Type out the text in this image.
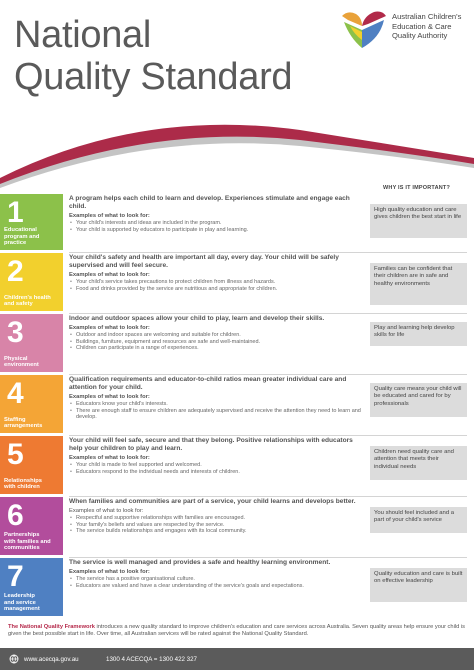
National
Quality Standard
Australian Children's
Education & Care
Quality Authority
WHY IS IT IMPORTANT?
1
Educational
program and
practice
A program helps each child to learn and develop. Experiences stimulate and engage each child.
Examples of what to look for:
• Your child's interests and ideas are included in the program.
• Your child is supported by educators to participate in play and learning.
High quality education and care gives children the best start in life
2
Children's health
and safety
Your child's safety and health are important all day, every day. Your child will be safely supervised and will feel secure.
Examples of what to look for:
• Your child's service takes precautions to protect children from illness and hazards.
• Food and drinks provided by the service are nutritious and appropriate for children.
Families can be confident that their children are in safe and healthy environments
3
Physical
environment
Indoor and outdoor spaces allow your child to play, learn and develop their skills.
Examples of what to look for:
• Outdoor and indoor spaces are welcoming and suitable for children.
• Buildings, furniture, equipment and resources are safe and well-maintained.
• Children can participate in a range of experiences.
Play and learning help develop skills for life
4
Staffing
arrangements
Qualification requirements and educator-to-child ratios mean greater individual care and attention for your child.
Examples of what to look for:
• Educators know your child's interests.
• There are enough staff to ensure children are adequately supervised and receive the attention they need to learn and develop.
Quality care means your child will be educated and cared for by professionals
5
Relationships
with children
Your child will feel safe, secure and that they belong. Positive relationships with educators help your children to play and learn.
Examples of what to look for:
• Your child is made to feel supported and welcomed.
• Educators respond to the individual needs and interests of children.
Children need quality care and attention that meets their individual needs
6
Partnerships
with families and
communities
When families and communities are part of a service, your child learns and develops better.
Examples of what to look for:
• Respectful and supportive relationships with families are encouraged.
• Your family's beliefs and values are respected by the service.
• The service builds relationships and engages with its local community.
You should feel included and a part of your child's service
7
Leadership
and service
management
The service is well managed and provides a safe and healthy learning environment.
Examples of what to look for:
• The service has a positive organisational culture.
• Educators are valued and have a clear understanding of the service's goals and expectations.
Quality education and care is built on effective leadership
The National Quality Framework introduces a new quality standard to improve children's education and care services across Australia. Seven quality areas help ensure your child is given the best possible start in life. Over time, all Australian services will be rated against the National Quality Standard.
www.acecqa.gov.au	1300 4 ACECQA = 1300 422 327
